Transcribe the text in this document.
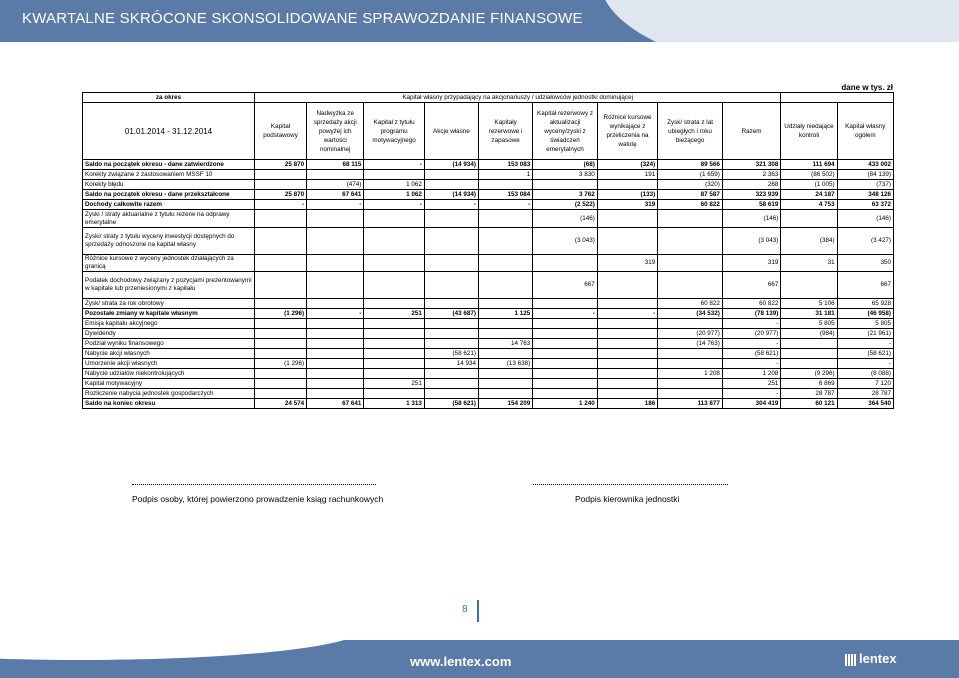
KWARTALNE SKRÓCONE SKONSOLIDOWANE SPRAWOZDANIE FINANSOWE
dane w tys. zł
za okres	Kapitał własny przypadający na akcjonariuszy / udziałowców jednostki dominującej										
01.01.2014 - 31.12.2014	Kapitał podstawowy	Nadwyżka ze sprzedaży akcji powyżej ich wartości nominalnej	Kapitał z tytułu programu motywacyjnego	Akcje własne	Kapitały rezerwowe i zapasowe	Kapitał rezerwowy z aktualizacji wyceny/zyski z świadczeń emerytalnych	Różnice kursowe wynikające z przeliczenia na walutę	Zysk/ strata z lat ubiegłych i roku bieżącego	Razem	Udziały niedające kontroli	Kapitał własny ogółem
Saldo na początek okresu - dane zatwierdzone	25 870	68 115	-	(14 934)	153 083	(68)	(324)	89 566	321 308	111 694	433 002
Korekty związane z zastosowaniem MSSF 10					1	3 830	191	(1 659)	2 363	(86 502)	(84 139)
Korekty błędu		(474)	1 062					(320)	268	(1 005)	(737)
Saldo na początek okresu - dane przekształcone	25 870	67 641	1 062	(14 934)	153 084	3 762	(133)	87 587	323 939	24 187	348 126
Dochody całkowite razem	-	-	-	-	-	(2 522)	319	60 822	58 619	4 753	63 372
Zyski / straty aktuarialne z tytułu rezerw na odprawy emerytalne						(146)			(146)		(146)
Zyski/ straty z tytułu wyceny inwestycji dostępnych do sprzedaży odnoszone na kapitał własny						(3 043)			(3 043)	(384)	(3 427)
Różnice kursowe z wyceny jednostek działających za granicą							319		319	31	350
Podatek dochodowy związany z pozycjami prezentowanymi w kapitale lub przeniesionymi z kapitału						667			667		667
Zysk/ strata za rok obrotowy								60 822	60 822	5 106	65 928
Pozostałe zmiany w kapitale własnym	(1 296)	-	251	(43 687)	1 125	-	-	(34 532)	(78 139)	31 181	(46 958)
Emisja kapitału akcyjnego									-	5 805	5 805
Dywidendy								(20 977)	(20 977)	(984)	(21 961)
Podział wyniku finansowego					14 763			(14 763)	-		-
Nabycie akcji własnych				(58 621)					(58 621)		(58 621)
Umorzenie akcji własnych	(1 296)			14 934	(13 638)				-		-
Nabycie udziałów niekontrolujących								1 208	1 208	(9 296)	(8 088)
Kapitał motywacyjny			251						251	6 869	7 120
Rozliczenie nabycia jednostek gospodarczych									-	28 787	28 787
Saldo na koniec okresu	24 574	67 641	1 313	(58 621)	154 209	1 240	186	113 877	304 419	60 121	364 540
Podpis osoby, której powierzono prowadzenie ksiąg rachunkowych	Podpis kierownika jednostki
8
www.lentex.com	lentex
